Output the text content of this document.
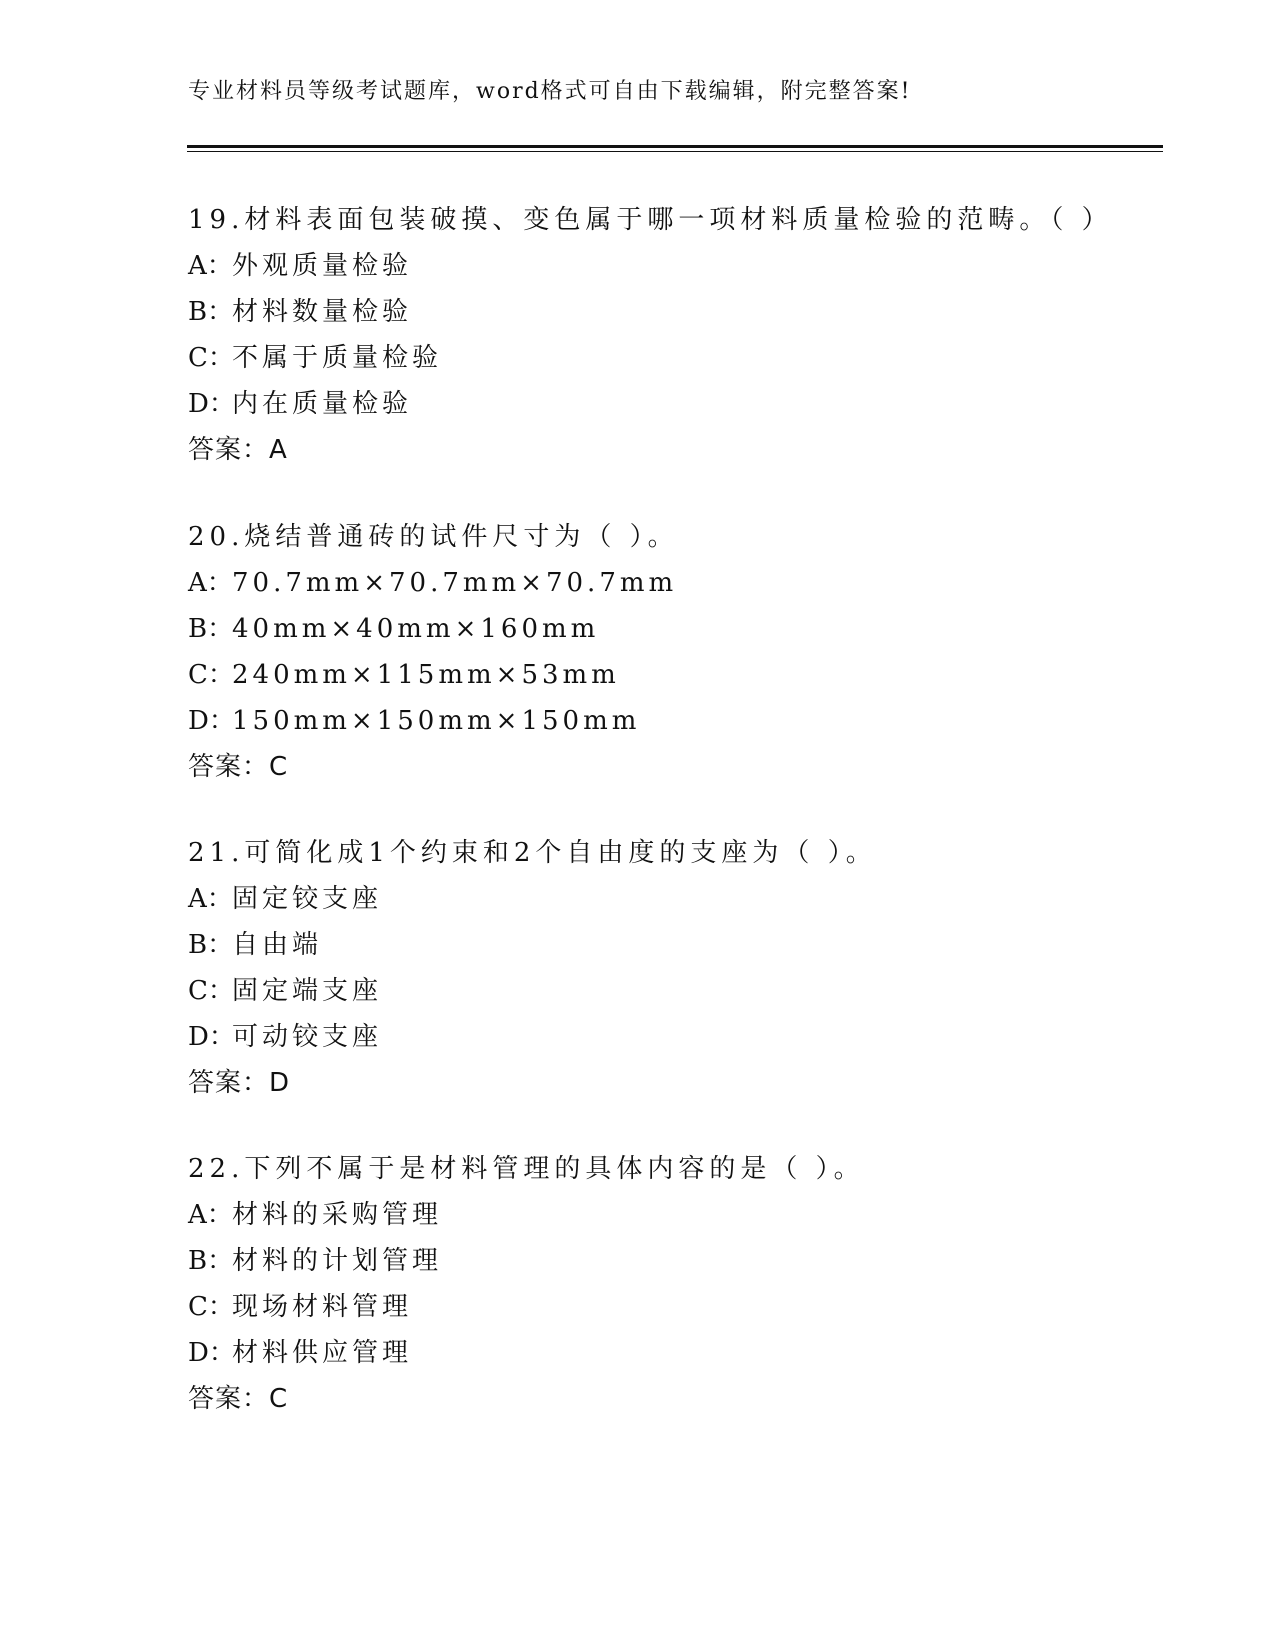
专业材料员等级考试题库，word格式可自由下载编辑，附完整答案!
19.材料表面包装破摸、变色属于哪一项材料质量检验的范畴。（ ）
A：外观质量检验
B：材料数量检验
C：不属于质量检验
D：内在质量检验
答案：A
20.烧结普通砖的试件尺寸为（ ）。
A：70.7mm×70.7mm×70.7mm
B：40mm×40mm×160mm
C：240mm×115mm×53mm
D：150mm×150mm×150mm
答案：C
21.可简化成1个约束和2个自由度的支座为（ ）。
A：固定铰支座
B：自由端
C：固定端支座
D：可动铰支座
答案：D
22.下列不属于是材料管理的具体内容的是（ ）。
A：材料的采购管理
B：材料的计划管理
C：现场材料管理
D：材料供应管理
答案：C
